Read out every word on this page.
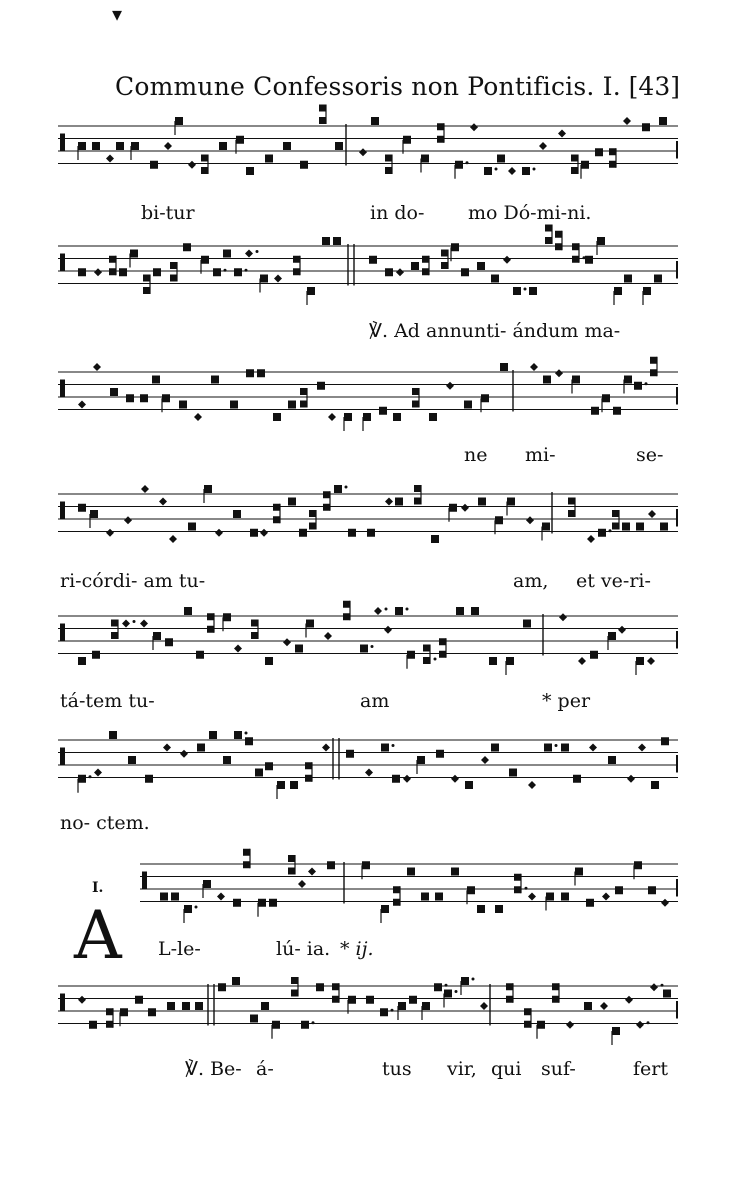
▾
Commune Confessoris non Pontificis. I. [43]
bi-tur	in do- mo Dó-mi-ni.
℣. Ad annunti- ándum ma-
ne mi-	se-
ri-córdi- am tu-	am, et ve-ri-
tá-tem tu-	am	* per
no- ctem.
I.
A L-le-	lú- ia. * ij.
℣. Be- á-	tus vir, qui suf-	fert
